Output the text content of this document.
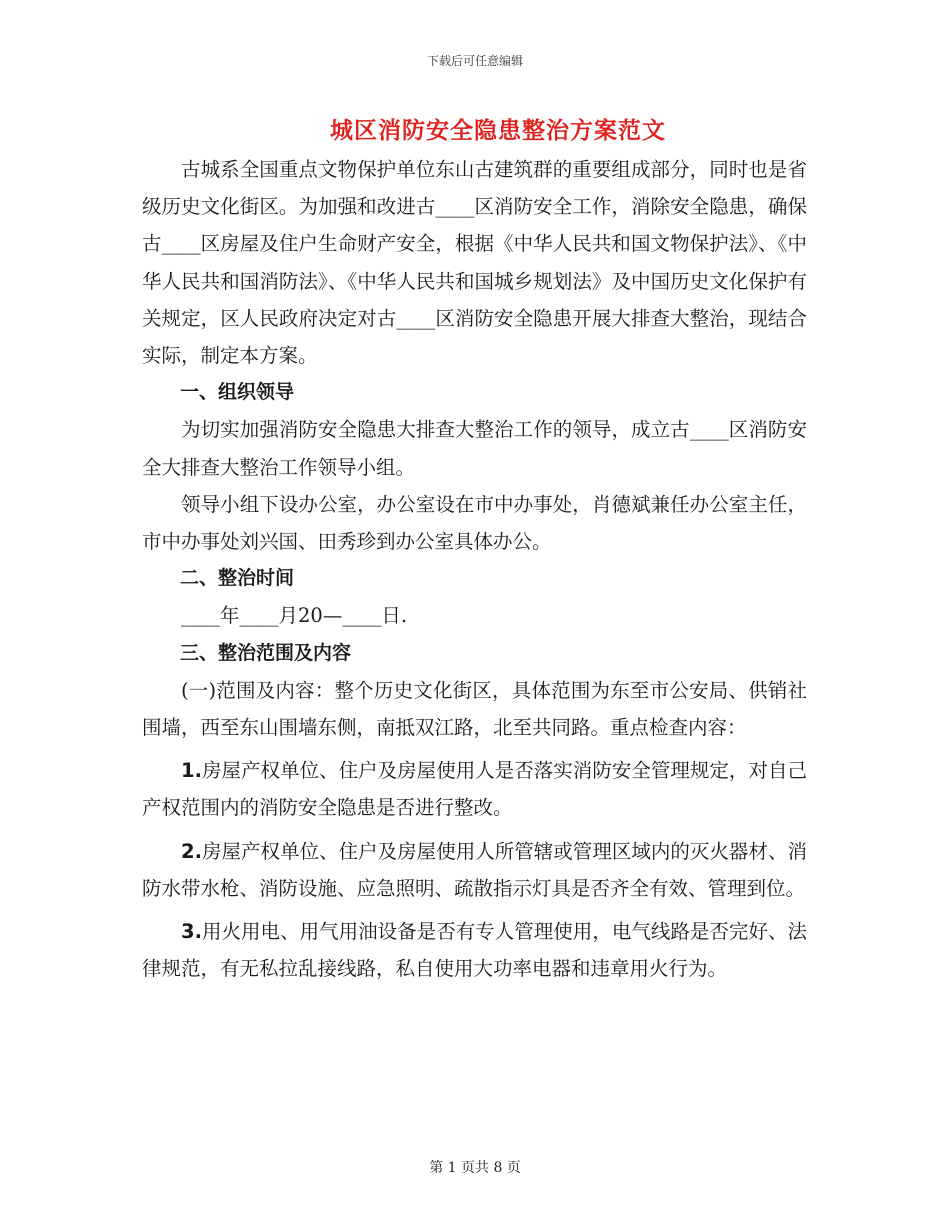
下载后可任意编辑
城区消防安全隐患整治方案范文

古城系全国重点文物保护单位东山古建筑群的重要组成部分，同时也是省级历史文化街区。为加强和改进古____区消防安全工作，消除安全隐患，确保古____区房屋及住户生命财产安全，根据《中华人民共和国文物保护法》、《中华人民共和国消防法》、《中华人民共和国城乡规划法》及中国历史文化保护有关规定，区人民政府决定对古____区消防安全隐患开展大排查大整治，现结合实际，制定本方案。

一、组织领导

为切实加强消防安全隐患大排查大整治工作的领导，成立古____区消防安全大排查大整治工作领导小组。

领导小组下设办公室，办公室设在市中办事处，肖德斌兼任办公室主任，市中办事处刘兴国、田秀珍到办公室具体办公。

二、整治时间

____年____月20—____日.

三、整治范围及内容

(一)范围及内容：整个历史文化街区，具体范围为东至市公安局、供销社围墙，西至东山围墙东侧，南抵双江路，北至共同路。重点检查内容：

1.房屋产权单位、住户及房屋使用人是否落实消防安全管理规定，对自己产权范围内的消防安全隐患是否进行整改。

2.房屋产权单位、住户及房屋使用人所管辖或管理区域内的灭火器材、消防水带水枪、消防设施、应急照明、疏散指示灯具是否齐全有效、管理到位。

3.用火用电、用气用油设备是否有专人管理使用，电气线路是否完好、法律规范，有无私拉乱接线路，私自使用大功率电器和违章用火行为。

第 1 页共 8 页
